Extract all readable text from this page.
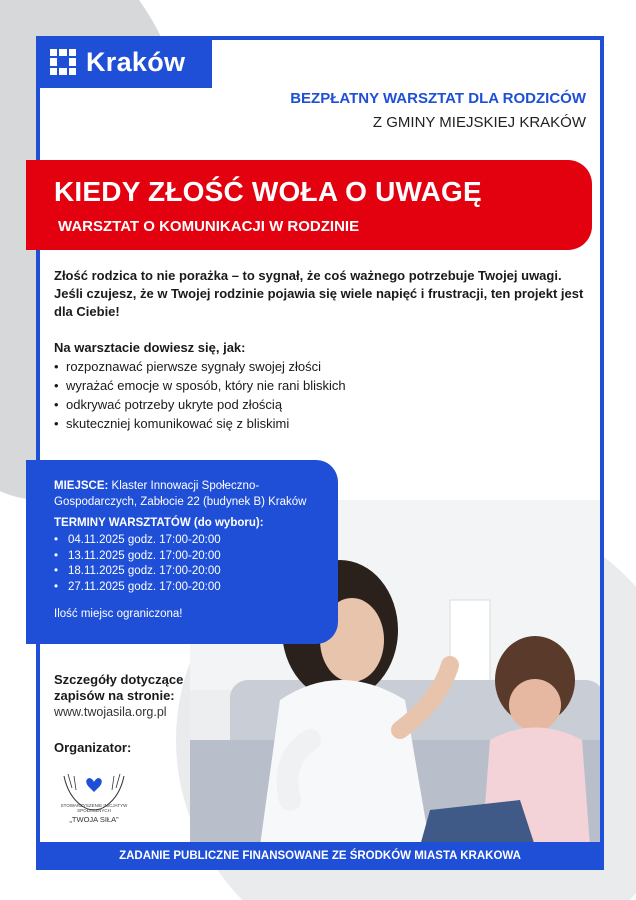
Kraków
BEZPŁATNY WARSZTAT DLA RODZICÓW
Z GMINY MIEJSKIEJ KRAKÓW
KIEDY ZŁOŚĆ WOŁA O UWAGĘ
WARSZTAT O KOMUNIKACJI W RODZINIE

Złość rodzica to nie porażka – to sygnał, że coś ważnego potrzebuje Twojej uwagi. Jeśli czujesz, że w Twojej rodzinie pojawia się wiele napięć i frustracji, ten projekt jest dla Ciebie!

Na warsztacie dowiesz się, jak:
• rozpoznawać pierwsze sygnały swojej złości
• wyrażać emocje w sposób, który nie rani bliskich
• odkrywać potrzeby ukryte pod złością
• skuteczniej komunikować się z bliskimi
MIEJSCE: Klaster Innowacji Społeczno-Gospodarczych, Zabłocie 22 (budynek B) Kraków
TERMINY WARSZTATÓW (do wyboru):
• 04.11.2025 godz. 17:00-20:00
• 13.11.2025 godz. 17:00-20:00
• 18.11.2025 godz. 17:00-20:00
• 27.11.2025 godz. 17:00-20:00
Ilość miejsc ograniczona!
Szczegóły dotyczące zapisów na stronie:
www.twojasila.org.pl
Organizator:
STOWARZYSZENIE INICJATYW SPOŁECZNYCH
„TWOJA SIŁA”
ZADANIE PUBLICZNE FINANSOWANE ZE ŚRODKÓW MIASTA KRAKOWA
